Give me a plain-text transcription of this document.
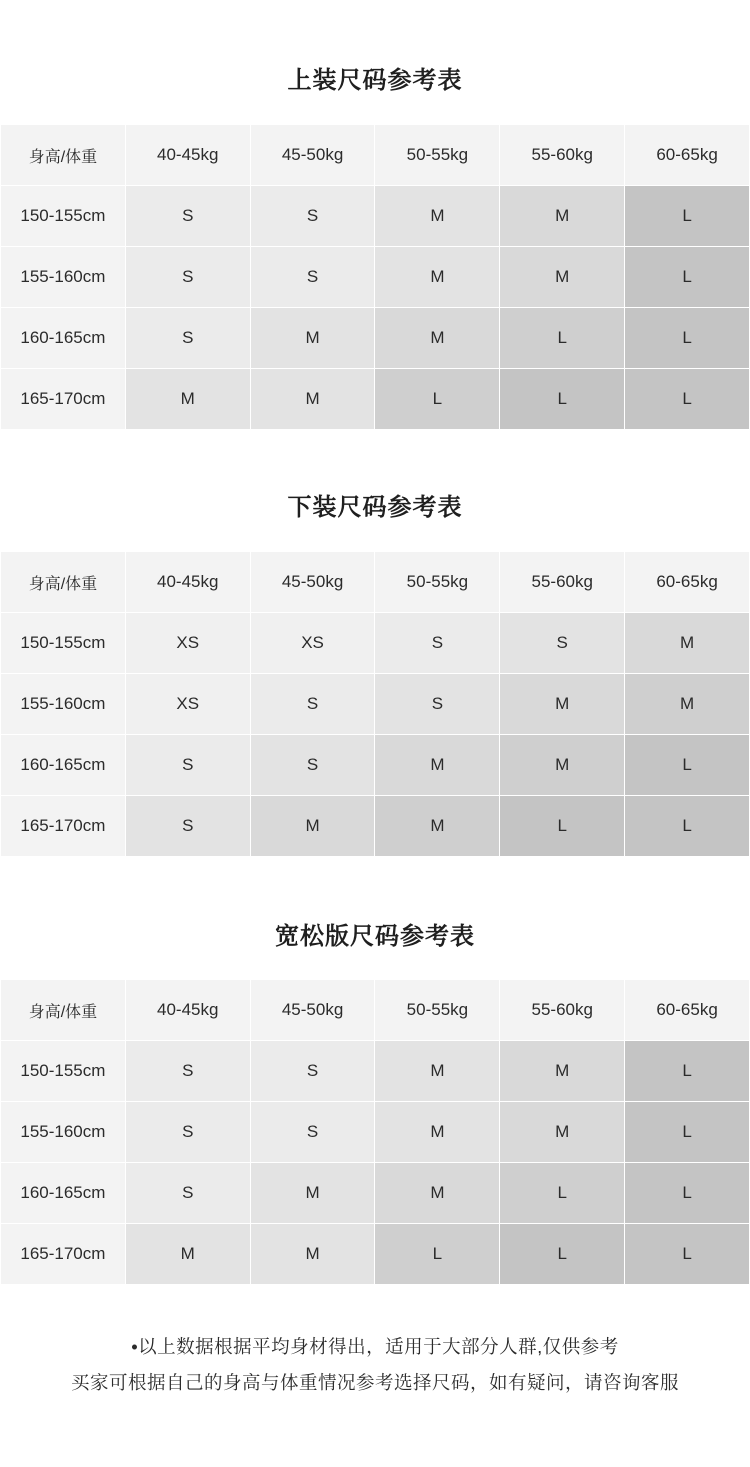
上装尺码参考表
身高/体重	40-45kg	45-50kg	50-55kg	55-60kg	60-65kg
150-155cm	S	S	M	M	L
155-160cm	S	S	M	M	L
160-165cm	S	M	M	L	L
165-170cm	M	M	L	L	L
下装尺码参考表
身高/体重	40-45kg	45-50kg	50-55kg	55-60kg	60-65kg
150-155cm	XS	XS	S	S	M
155-160cm	XS	S	S	M	M
160-165cm	S	S	M	M	L
165-170cm	S	M	M	L	L
宽松版尺码参考表
身高/体重	40-45kg	45-50kg	50-55kg	55-60kg	60-65kg
150-155cm	S	S	M	M	L
155-160cm	S	S	M	M	L
160-165cm	S	M	M	L	L
165-170cm	M	M	L	L	L
•以上数据根据平均身材得出，适用于大部分人群,仅供参考
买家可根据自己的身高与体重情况参考选择尺码，如有疑问，请咨询客服
